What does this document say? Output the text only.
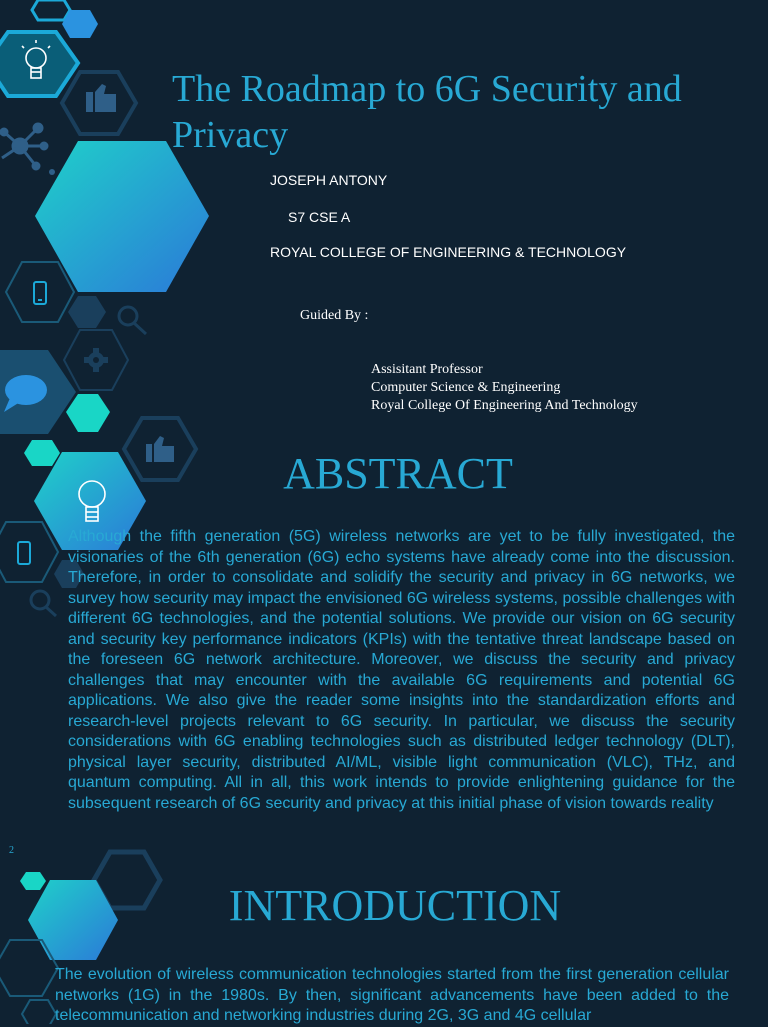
The Roadmap to 6G Security and Privacy
JOSEPH ANTONY
S7 CSE A
ROYAL COLLEGE OF ENGINEERING & TECHNOLOGY
Guided By :
Assisitant Professor
Computer Science & Engineering
Royal College Of Engineering And Technology
ABSTRACT

Although the fifth generation (5G) wireless networks are yet to be fully investigated, the visionaries of the 6th generation (6G) echo systems have already come into the discussion. Therefore, in order to consolidate and solidify the security and privacy in 6G networks, we survey how security may impact the envisioned 6G wireless systems, possible challenges with different 6G technologies, and the potential solutions. We provide our vision on 6G security and security key performance indicators (KPIs) with the tentative threat landscape based on the foreseen 6G network architecture. Moreover, we discuss the security and privacy challenges that may encounter with the available 6G requirements and potential 6G applications. We also give the reader some insights into the standardization efforts and research-level projects relevant to 6G security. In particular, we discuss the security considerations with 6G enabling technologies such as distributed ledger technology (DLT), physical layer security, distributed AI/ML, visible light communication (VLC), THz, and quantum computing. All in all, this work intends to provide enlightening guidance for the subsequent research of 6G security and privacy at this initial phase of vision towards reality

2
INTRODUCTION

The evolution of wireless communication technologies started from the first generation cellular networks (1G) in the 1980s. By then, significant advancements have been added to the telecommunication and networking industries during 2G, 3G and 4G cellular
